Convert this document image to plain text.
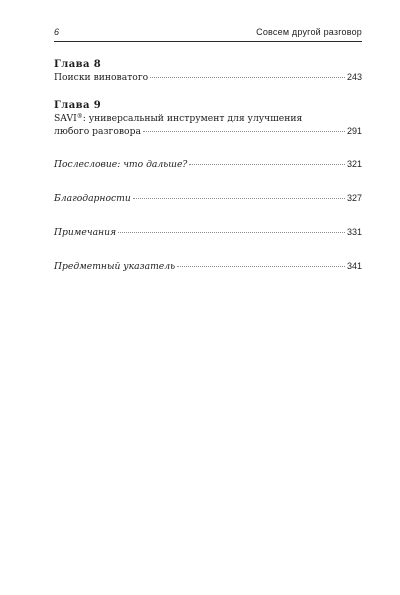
6	Совсем другой разговор
Глава 8
Поиски виноватого	243
Глава 9
SAVI®: универсальный инструмент для улучшения
любого разговора	291
Послесловие: что дальше?	321
Благодарности	327
Примечания	331
Предметный указатель	341
